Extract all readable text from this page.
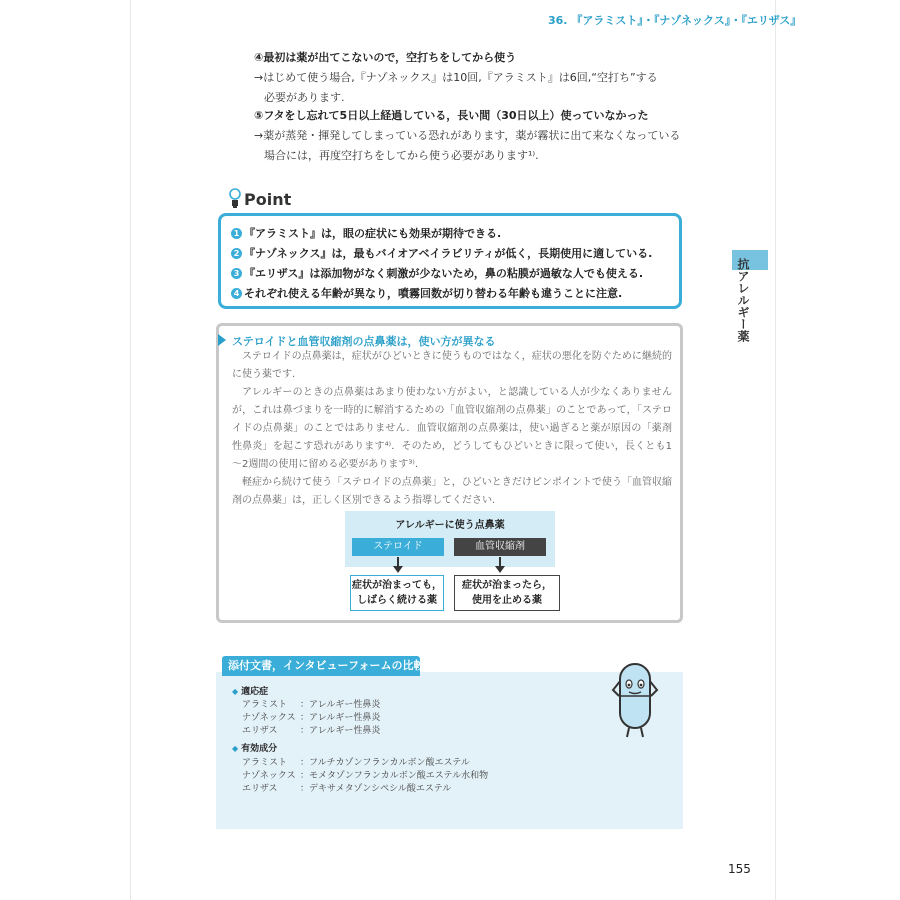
36. 『アラミスト』・『ナゾネックス』・『エリザス』
④最初は薬が出てこないので，空打ちをしてから使う
→はじめて使う場合,『ナゾネックス』は10回,『アラミスト』は6回,“空打ち”する
必要があります.
⑤フタをし忘れて5日以上経過している，長い間（30日以上）使っていなかった
→薬が蒸発・揮発してしまっている恐れがあります，薬が霧状に出て来なくなっている
場合には，再度空打ちをしてから使う必要があります¹⁾.
Point
1 『アラミスト』は，眼の症状にも効果が期待できる.
2 『ナゾネックス』は，最もバイオアベイラビリティが低く，長期使用に適している.
3 『エリザス』は添加物がなく刺激が少ないため，鼻の粘膜が過敏な人でも使える.
4 それぞれ使える年齢が異なり，噴霧回数が切り替わる年齢も違うことに注意.	抗アレルギー薬
ステロイドと血管収縮剤の点鼻薬は，使い方が異なる

ステロイドの点鼻薬は，症状がひどいときに使うものではなく，症状の悪化を防ぐために継続的に使う薬です.

アレルギーのときの点鼻薬はあまり使わない方がよい，と認識している人が少なくありませんが，これは鼻づまりを一時的に解消するための「血管収縮剤の点鼻薬」のことであって，「ステロイドの点鼻薬」のことではありません．血管収縮剤の点鼻薬は，使い過ぎると薬が原因の「薬剤性鼻炎」を起こす恐れがあります⁴⁾．そのため，どうしてもひどいときに限って使い，長くとも1～2週間の使用に留める必要があります³⁾.

軽症から続けて使う「ステロイドの点鼻薬」と，ひどいときだけピンポイントで使う「血管収縮剤の点鼻薬」は，正しく区別できるよう指導してください.

アレルギーに使う点鼻薬
ステロイド	血管収縮剤
症状が治まっても，
しばらく続ける薬
症状が治まったら，
使用を止める薬
添付文書，インタビューフォームの比較
◆ 適応症
アラミスト ：アレルギー性鼻炎
ナゾネックス ：アレルギー性鼻炎
エリザス	：アレルギー性鼻炎
◆ 有効成分
アラミスト ：フルチカゾンフランカルボン酸エステル
ナゾネックス ：モメタゾンフランカルボン酸エステル水和物
エリザス	：デキサメタゾンシペシル酸エステル
155
